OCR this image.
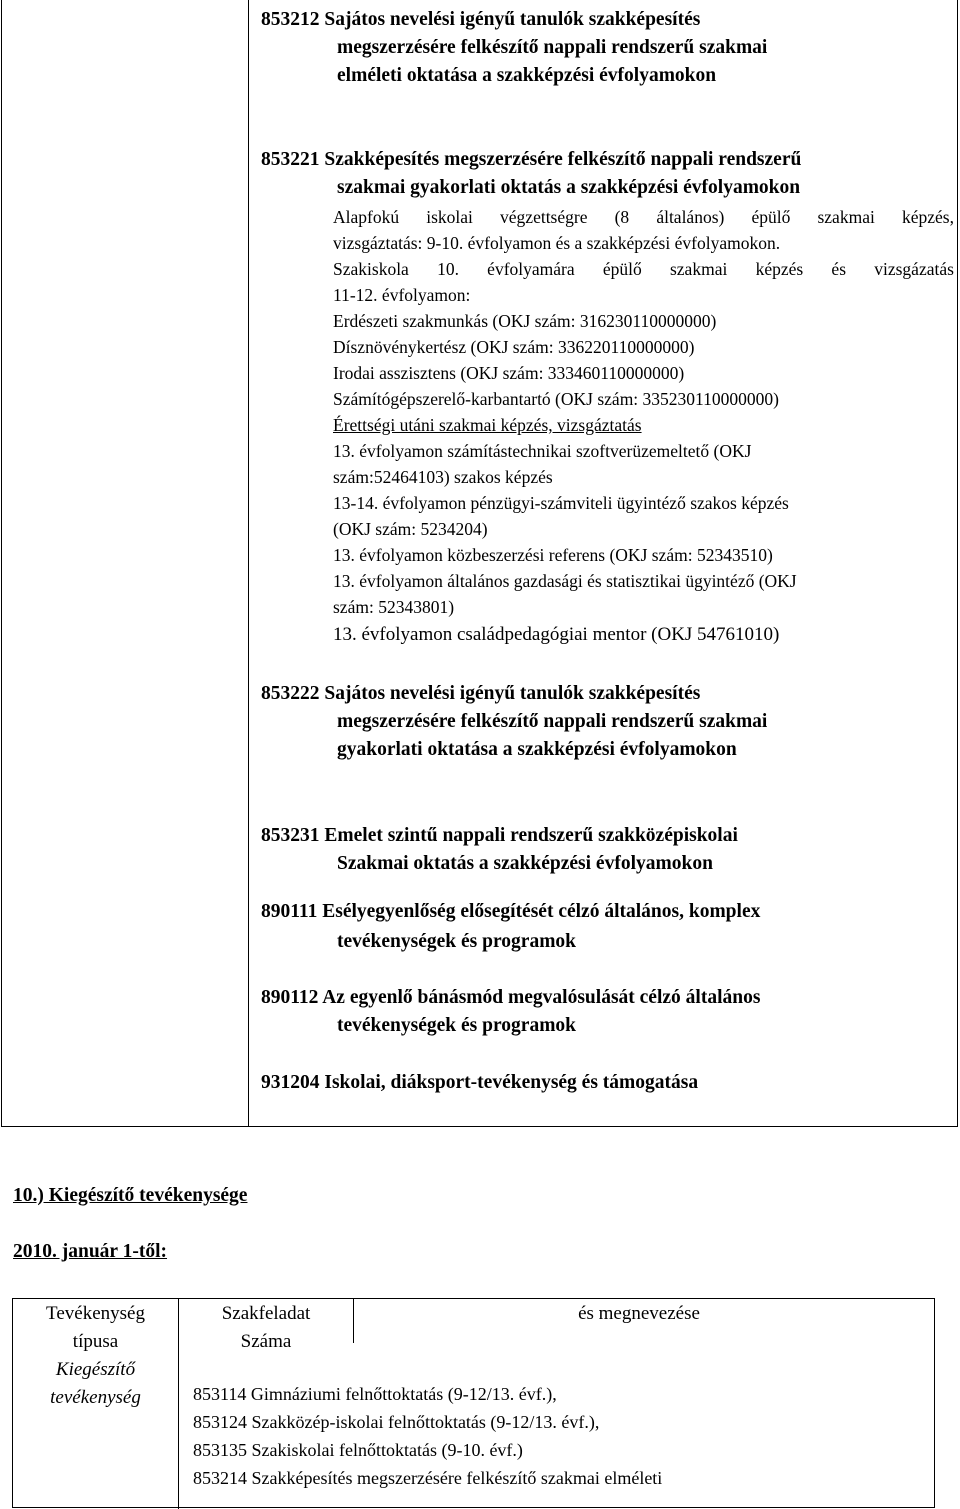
853212 Sajátos nevelési igényű tanulók szakképesítés
megszerzésére felkészítő nappali rendszerű szakmai
elméleti oktatása a szakképzési évfolyamokon
853221 Szakképesítés megszerzésére felkészítő nappali rendszerű
szakmai gyakorlati oktatás a szakképzési évfolyamokon
Alapfokú iskolai végzettségre (8 általános) épülő szakmai képzés,
vizsgáztatás: 9-10. évfolyamon és a szakképzési évfolyamokon.
Szakiskola 10. évfolyamára épülő szakmai képzés és vizsgázatás
11-12. évfolyamon:
Erdészeti szakmunkás (OKJ szám: 316230110000000)
Dísznövénykertész (OKJ szám: 336220110000000)
Irodai asszisztens (OKJ szám: 333460110000000)
Számítógépszerelő-karbantartó (OKJ szám: 335230110000000)
Érettségi utáni szakmai képzés, vizsgáztatás
13. évfolyamon számítástechnikai szoftverüzemeltető (OKJ
szám:52464103) szakos képzés
13-14. évfolyamon pénzügyi-számviteli ügyintéző szakos képzés
(OKJ szám: 5234204)
13. évfolyamon közbeszerzési referens (OKJ szám: 52343510)
13. évfolyamon általános gazdasági és statisztikai ügyintéző (OKJ
szám: 52343801)
13. évfolyamon családpedagógiai mentor (OKJ 54761010)
853222 Sajátos nevelési igényű tanulók szakképesítés
megszerzésére felkészítő nappali rendszerű szakmai
gyakorlati oktatása a szakképzési évfolyamokon
853231 Emelet szintű nappali rendszerű szakközépiskolai
Szakmai oktatás a szakképzési évfolyamokon
890111 Esélyegyenlőség elősegítését célzó általános, komplex
tevékenységek és programok
890112 Az egyenlő bánásmód megvalósulását célzó általános
tevékenységek és programok
931204 Iskolai, diáksport-tevékenység és támogatása
10.) Kiegészítő tevékenysége
2010. január 1-től:
Tevékenység
típusa
Kiegészítő
tevékenység
Szakfeladat
Száma
és megnevezése
853114 Gimnáziumi felnőttoktatás (9-12/13. évf.),
853124 Szakközép-iskolai felnőttoktatás (9-12/13. évf.),
853135 Szakiskolai felnőttoktatás (9-10. évf.)
853214 Szakképesítés megszerzésére felkészítő szakmai elméleti
